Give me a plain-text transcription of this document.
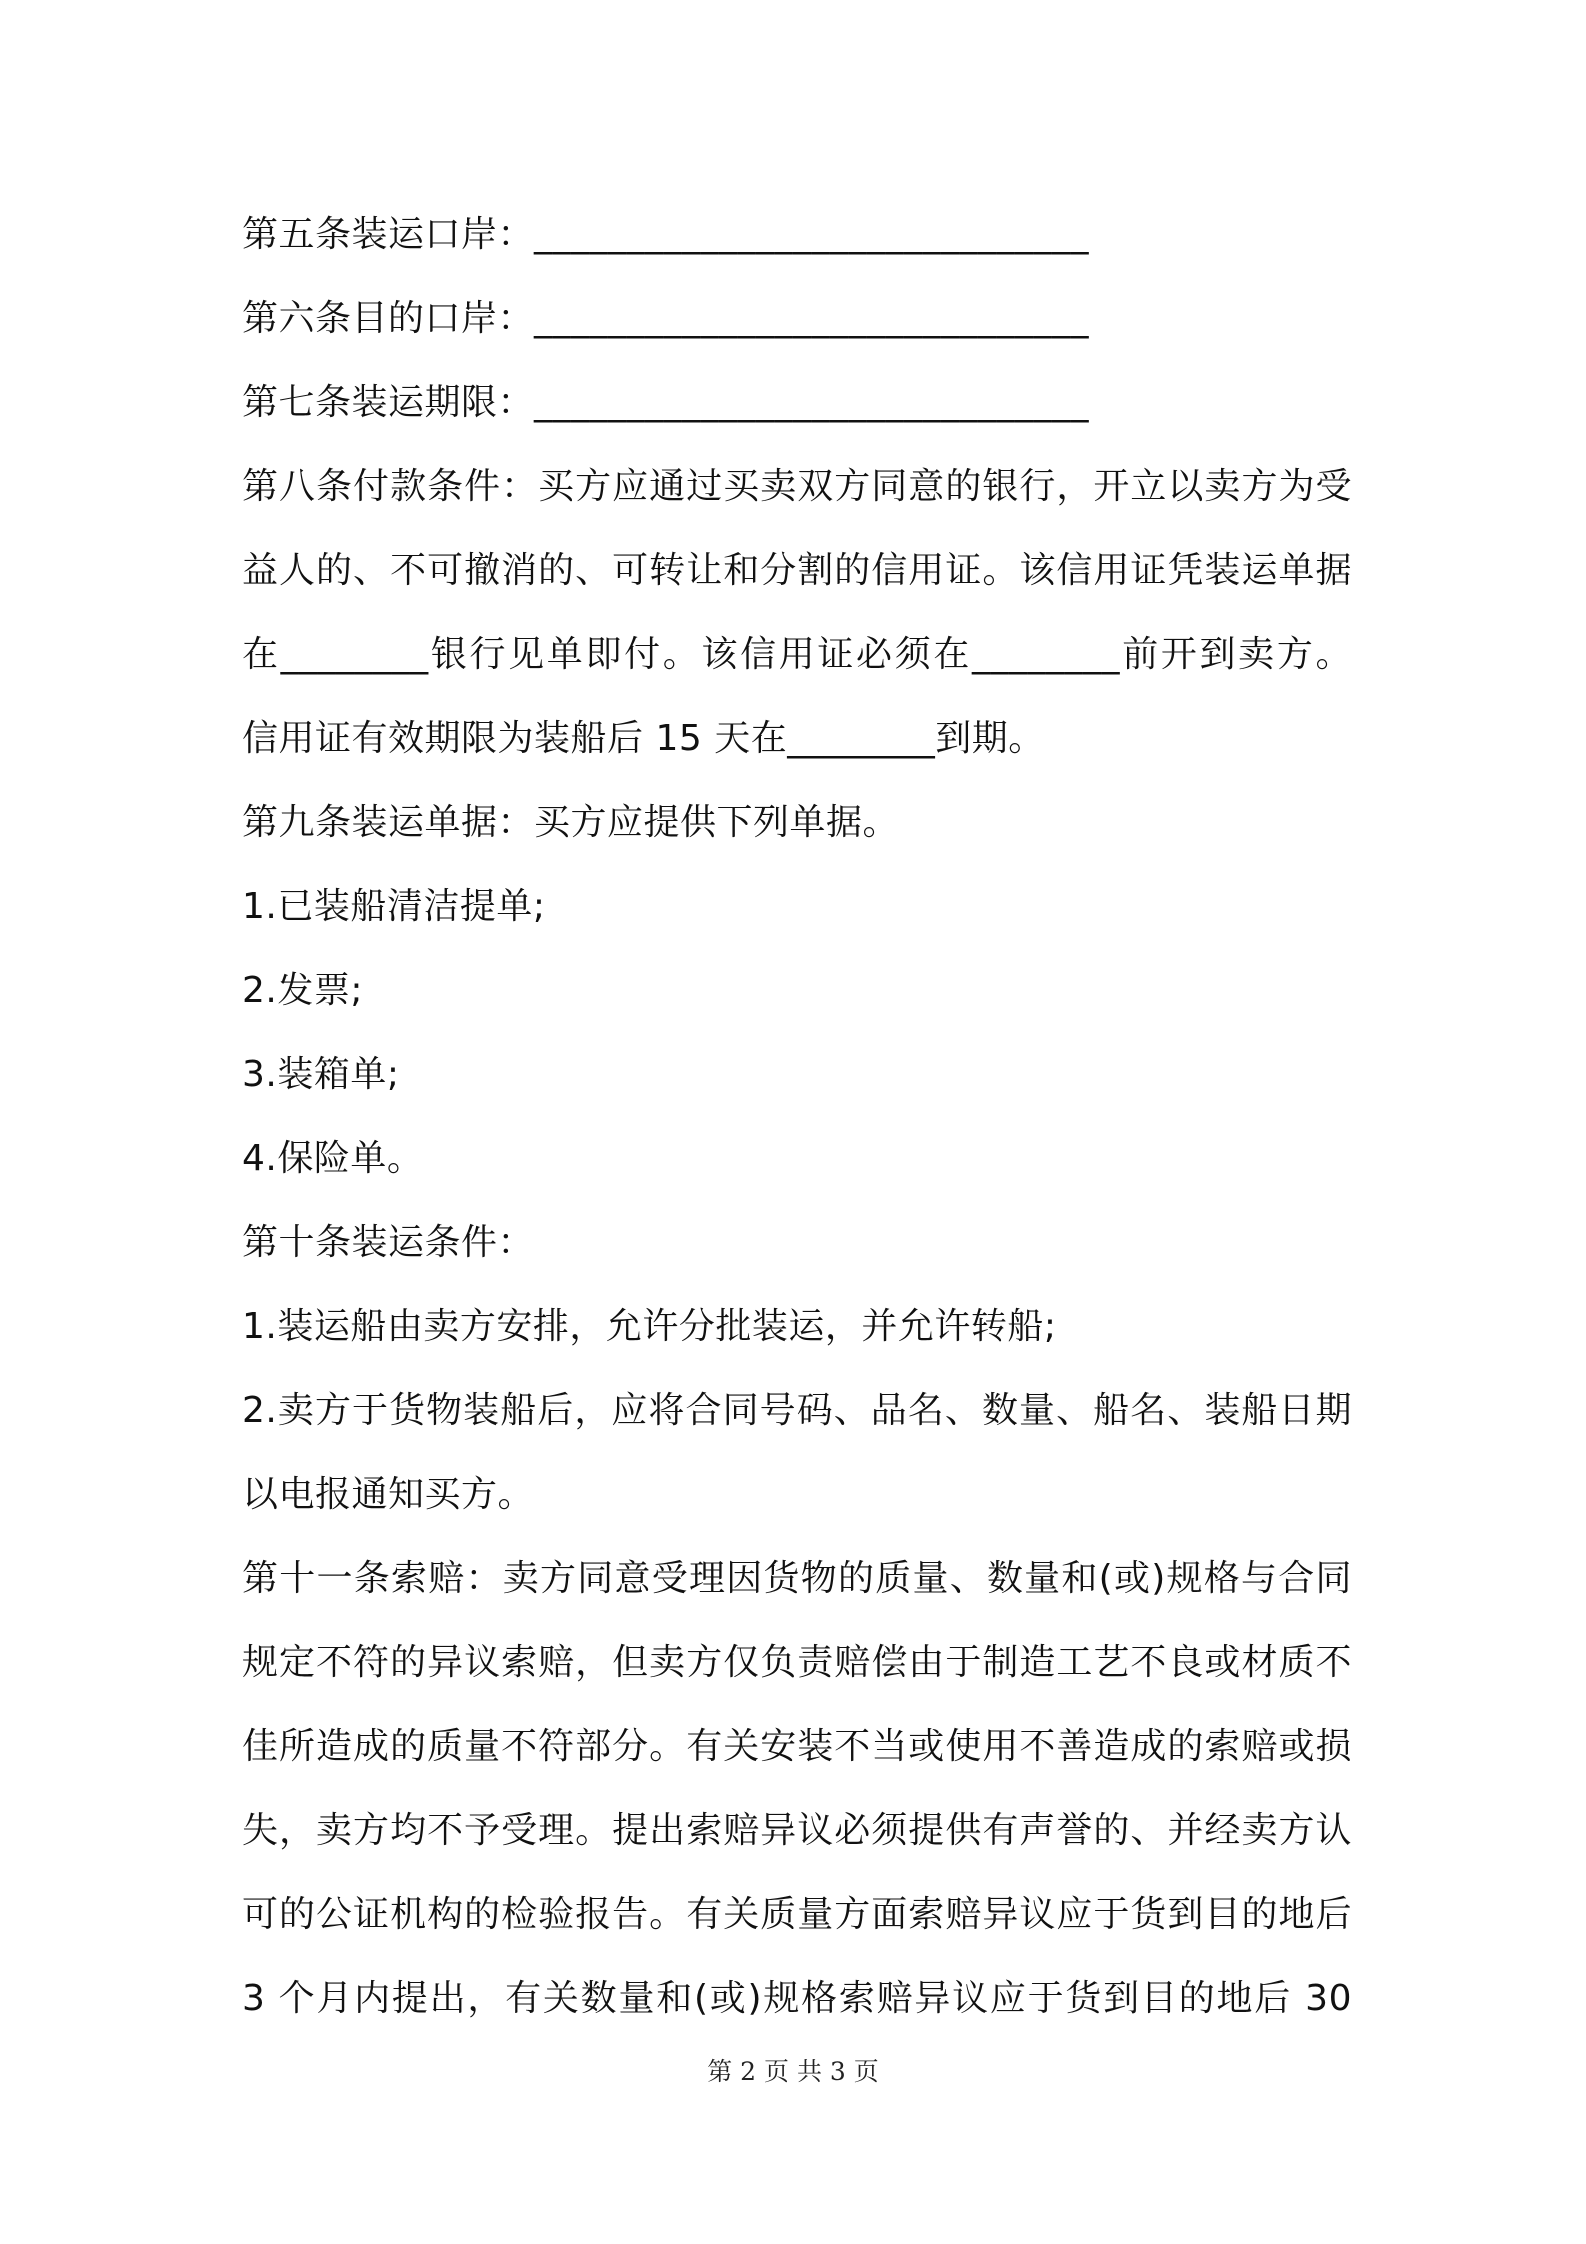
第五条装运口岸：______________________________
第六条目的口岸：______________________________
第七条装运期限：______________________________
第八条付款条件：买方应通过买卖双方同意的银行，开立以卖方为受
益人的、不可撤消的、可转让和分割的信用证。该信用证凭装运单据
在________银行见单即付。该信用证必须在________前开到卖方。
信用证有效期限为装船后 15 天在________到期。
第九条装运单据：买方应提供下列单据。
1.已装船清洁提单;
2.发票;
3.装箱单;
4.保险单。
第十条装运条件：
1.装运船由卖方安排，允许分批装运，并允许转船;
2.卖方于货物装船后，应将合同号码、品名、数量、船名、装船日期
以电报通知买方。
第十一条索赔：卖方同意受理因货物的质量、数量和(或)规格与合同
规定不符的异议索赔，但卖方仅负责赔偿由于制造工艺不良或材质不
佳所造成的质量不符部分。有关安装不当或使用不善造成的索赔或损
失，卖方均不予受理。提出索赔异议必须提供有声誉的、并经卖方认
可的公证机构的检验报告。有关质量方面索赔异议应于货到目的地后
3 个月内提出，有关数量和(或)规格索赔异议应于货到目的地后 30
第 2 页 共 3 页
